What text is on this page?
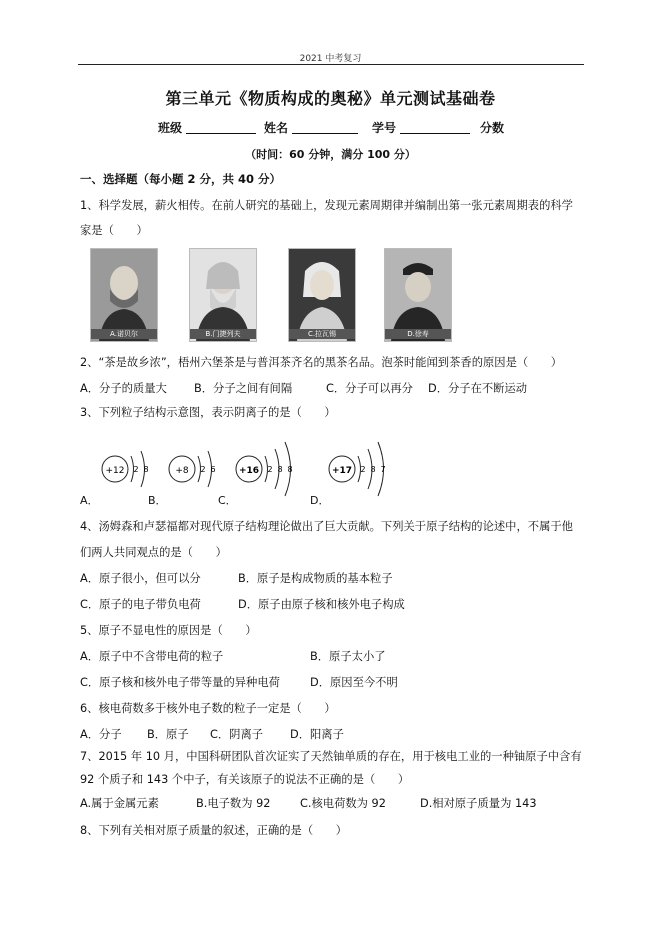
2021 中考复习
第三单元《物质构成的奥秘》单元测试基础卷
班级	姓名	学号	分数
（时间：60 分钟，满分 100 分）
一、选择题（每小题 2 分，共 40 分）
1、科学发展，薪火相传。在前人研究的基础上，发现元素周期律并编制出第一张元素周期表的科学
家是（　　）
A.诺贝尔	B.门捷列夫	C.拉瓦锡	D.徐寿
2、“茶是故乡浓”，梧州六堡茶是与普洱茶齐名的黑茶名品。泡茶时能闻到茶香的原因是（　　）
A．分子的质量大 B．分子之间有间隔	C．分子可以再分 D．分子在不断运动
3、下列粒子结构示意图，表示阴离子的是（　　）
+12 2 8	+8 2 6	+16 2 8 8	+17 2 8 7
A．	B．	C．	D．
4、汤姆森和卢瑟福都对现代原子结构理论做出了巨大贡献。下列关于原子结构的论述中，不属于他
们两人共同观点的是（　　）
A．原子很小，但可以分	B．原子是构成物质的基本粒子
C．原子的电子带负电荷	D．原子由原子核和核外电子构成
5、原子不显电性的原因是（　　）
A．原子中不含带电荷的粒子	B．原子太小了
C．原子核和核外电子带等量的异种电荷	D．原因至今不明
6、核电荷数多于核外电子数的粒子一定是（　　）
A．分子 B．原子 C．阴离子 D．阳离子
7、2015 年 10 月，中国科研团队首次证实了天然铀单质的存在，用于核电工业的一种铀原子中含有
92 个质子和 143 个中子，有关该原子的说法不正确的是（　　）
A.属于金属元素	B.电子数为 92	C.核电荷数为 92	D.相对原子质量为 143
8、下列有关相对原子质量的叙述，正确的是（　　）
